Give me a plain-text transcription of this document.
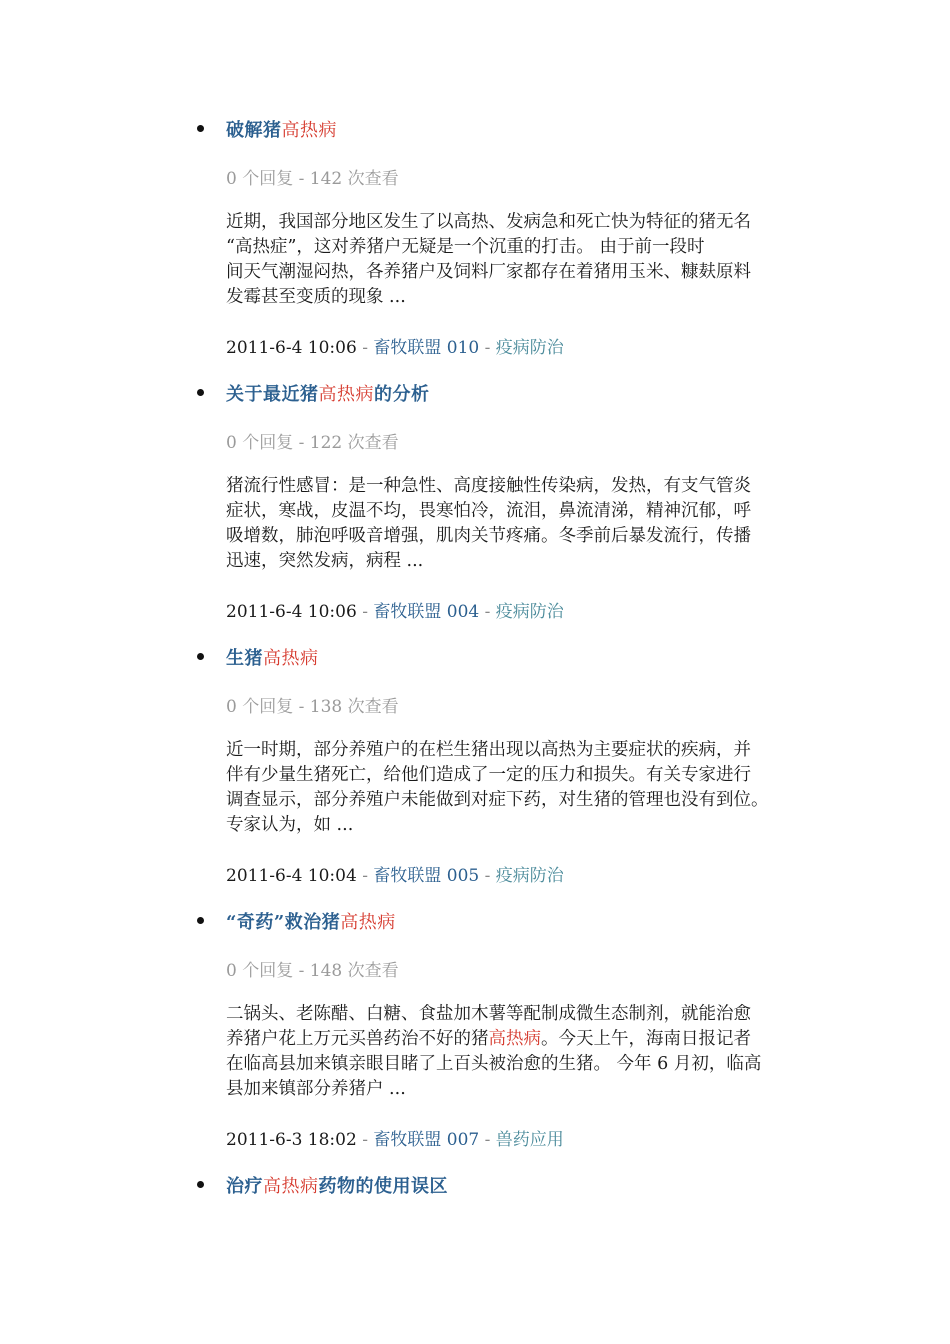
破解猪高热病
0 个回复 - 142 次查看
近期，我国部分地区发生了以高热、发病急和死亡快为特征的猪无名
“高热症”，这对养猪户无疑是一个沉重的打击。 由于前一段时
间天气潮湿闷热，各养猪户及饲料厂家都存在着猪用玉米、糠麸原料
发霉甚至变质的现象 ...
2011-6-4 10:06 - 畜牧联盟 010 - 疫病防治
关于最近猪高热病的分析
0 个回复 - 122 次查看
猪流行性感冒：是一种急性、高度接触性传染病，发热，有支气管炎
症状，寒战，皮温不均，畏寒怕冷，流泪，鼻流清涕，精神沉郁，呼
吸增数，肺泡呼吸音增强，肌肉关节疼痛。冬季前后暴发流行，传播
迅速，突然发病，病程 ...
2011-6-4 10:06 - 畜牧联盟 004 - 疫病防治
生猪高热病
0 个回复 - 138 次查看
近一时期，部分养殖户的在栏生猪出现以高热为主要症状的疾病，并
伴有少量生猪死亡，给他们造成了一定的压力和损失。有关专家进行
调查显示，部分养殖户未能做到对症下药，对生猪的管理也没有到位。
专家认为，如 ...
2011-6-4 10:04 - 畜牧联盟 005 - 疫病防治
“奇药”救治猪高热病
0 个回复 - 148 次查看
二锅头、老陈醋、白糖、食盐加木薯等配制成微生态制剂，就能治愈
养猪户花上万元买兽药治不好的猪高热病。今天上午，海南日报记者
在临高县加来镇亲眼目睹了上百头被治愈的生猪。 今年 6 月初，临高
县加来镇部分养猪户 ...
2011-6-3 18:02 - 畜牧联盟 007 - 兽药应用
治疗高热病药物的使用误区
